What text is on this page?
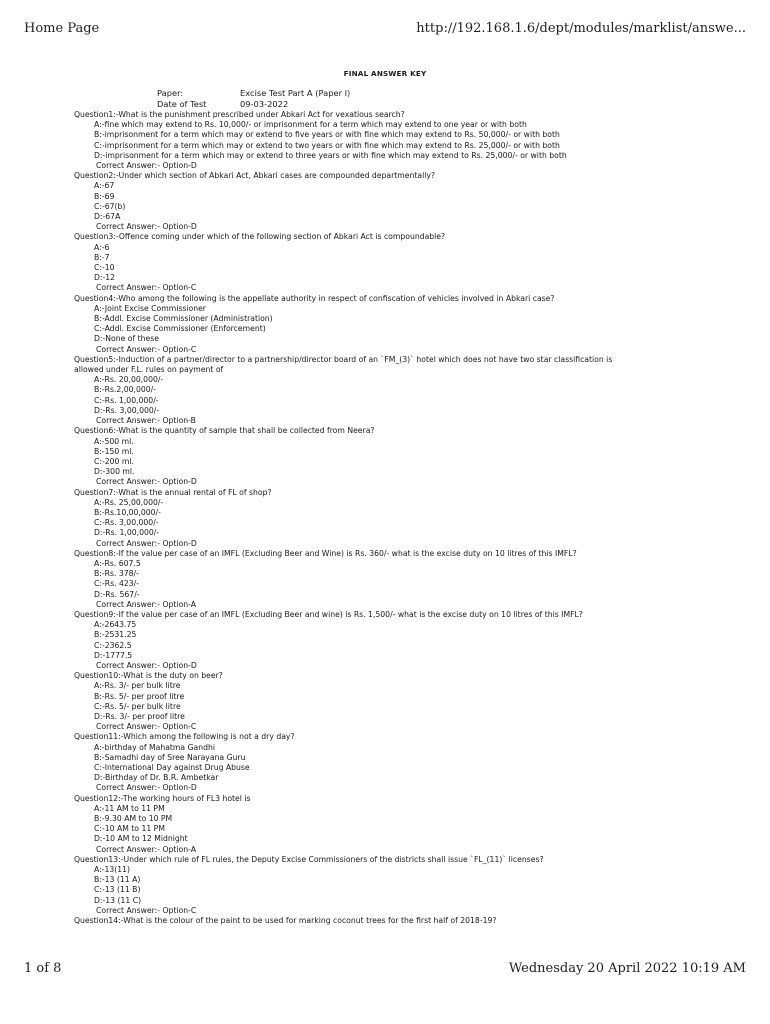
Home Page	http://192.168.1.6/dept/modules/marklist/answe...
FINAL ANSWER KEY
Paper:	Excise Test Part A (Paper I)
Date of Test	09-03-2022
Question1:-What is the punishment prescribed under Abkari Act for vexatious search?
A:-fine which may extend to Rs. 10,000/- or imprisonment for a term which may extend to one year or with both
B:-imprisonment for a term which may or extend to five years or with fine which may extend to Rs. 50,000/- or with both
C:-imprisonment for a term which may or extend to two years or with fine which may extend to Rs. 25,000/- or with both
D:-imprisonment for a term which may or extend to three years or with fine which may extend to Rs. 25,000/- or with both
Correct Answer:- Option-D
Question2:-Under which section of Abkari Act, Abkari cases are compounded departmentally?
A:-67
B:-69
C:-67(b)
D:-67A
Correct Answer:- Option-D
Question3:-Offence coming under which of the following section of Abkari Act is compoundable?
A:-6
B:-7
C:-10
D:-12
Correct Answer:- Option-C
Question4:-Who among the following is the appellate authority in respect of confiscation of vehicles involved in Abkari case?
A:-Joint Excise Commissioner
B:-Addl. Excise Commissioner (Administration)
C:-Addl. Excise Commissioner (Enforcement)
D:-None of these
Correct Answer:- Option-C
Question5:-Induction of a partner/director to a partnership/director board of an `FM_(3)` hotel which does not have two star classification is allowed under F.L. rules on payment of
A:-Rs. 20,00,000/-
B:-Rs.2,00,000/-
C:-Rs. 1,00,000/-
D:-Rs. 3,00,000/-
Correct Answer:- Option-B
Question6:-What is the quantity of sample that shall be collected from Neera?
A:-500 ml.
B:-150 ml.
C:-200 ml.
D:-300 ml.
Correct Answer:- Option-D
Question7:-What is the annual rental of FL of shop?
A:-Rs. 25,00,000/-
B:-Rs.10,00,000/-
C:-Rs. 3,00,000/-
D:-Rs. 1,00,000/-
Correct Answer:- Option-D
Question8:-If the value per case of an IMFL (Excluding Beer and Wine) is Rs. 360/- what is the excise duty on 10 litres of this IMFL?
A:-Rs. 607.5
B:-Rs. 378/-
C:-Rs. 423/-
D:-Rs. 567/-
Correct Answer:- Option-A
Question9:-If the value per case of an IMFL (Excluding Beer and wine) is Rs. 1,500/- what is the excise duty on 10 litres of this IMFL?
A:-2643.75
B:-2531.25
C:-2362.5
D:-1777.5
Correct Answer:- Option-D
Question10:-What is the duty on beer?
A:-Rs. 3/- per bulk litre
B:-Rs. 5/- per proof litre
C:-Rs. 5/- per bulk litre
D:-Rs. 3/- per proof litre
Correct Answer:- Option-C
Question11:-Which among the following is not a dry day?
A:-birthday of Mahatma Gandhi
B:-Samadhi day of Sree Narayana Guru
C:-International Day against Drug Abuse
D:-Birthday of Dr. B.R. Ambetkar
Correct Answer:- Option-D
Question12:-The working hours of FL3 hotel is
A:-11 AM to 11 PM
B:-9.30 AM to 10 PM
C:-10 AM to 11 PM
D:-10 AM to 12 Midnight
Correct Answer:- Option-A
Question13:-Under which rule of FL rules, the Deputy Excise Commissioners of the districts shall issue `FL_(11)` licenses?
A:-13(11)
B:-13 (11 A)
C:-13 (11 B)
D:-13 (11 C)
Correct Answer:- Option-C
Question14:-What is the colour of the paint to be used for marking coconut trees for the first half of 2018-19?
1 of 8	Wednesday 20 April 2022 10:19 AM
